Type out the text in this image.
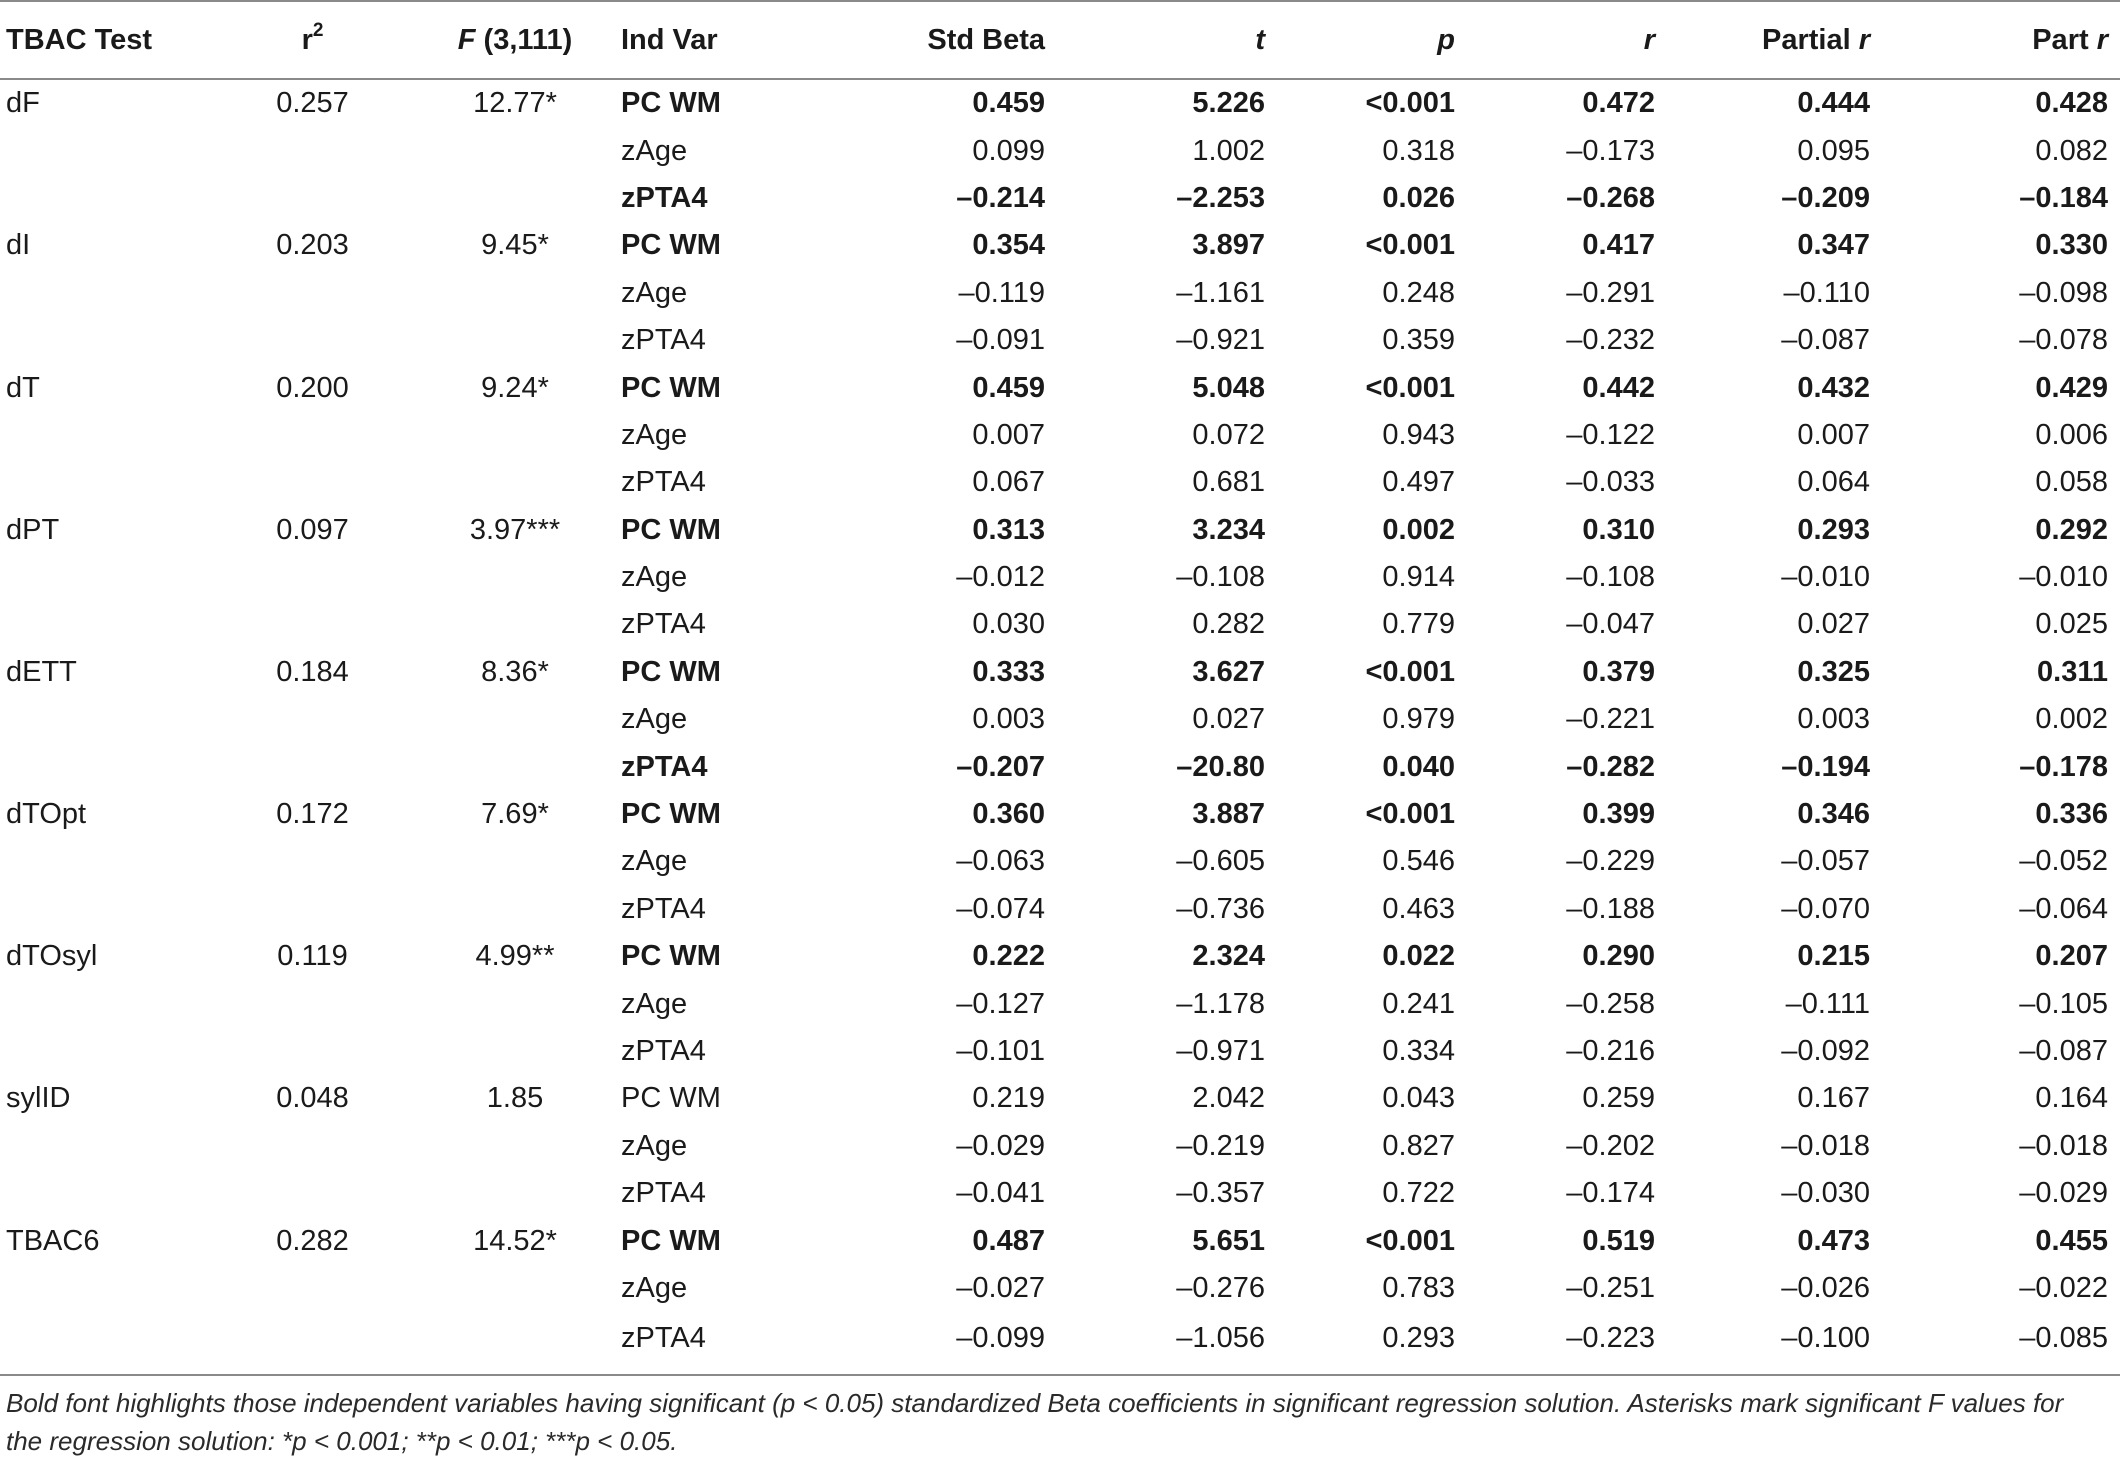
TBAC Test	$r^2$	F (3,111)	Ind Var	Std Beta	t	p	r	Partial r	Part r
dF	0.257	12.77*	PC WM	0.459	5.226	<0.001	0.472	0.444	0.428
			zAge	0.099	1.002	0.318	–0.173	0.095	0.082
			zPTA4	–0.214	–2.253	0.026	–0.268	–0.209	–0.184
dI	0.203	9.45*	PC WM	0.354	3.897	<0.001	0.417	0.347	0.330
			zAge	–0.119	–1.161	0.248	–0.291	–0.110	–0.098
			zPTA4	–0.091	–0.921	0.359	–0.232	–0.087	–0.078
dT	0.200	9.24*	PC WM	0.459	5.048	<0.001	0.442	0.432	0.429
			zAge	0.007	0.072	0.943	–0.122	0.007	0.006
			zPTA4	0.067	0.681	0.497	–0.033	0.064	0.058
dPT	0.097	3.97***	PC WM	0.313	3.234	0.002	0.310	0.293	0.292
			zAge	–0.012	–0.108	0.914	–0.108	–0.010	–0.010
			zPTA4	0.030	0.282	0.779	–0.047	0.027	0.025
dETT	0.184	8.36*	PC WM	0.333	3.627	<0.001	0.379	0.325	0.311
			zAge	0.003	0.027	0.979	–0.221	0.003	0.002
			zPTA4	–0.207	–20.80	0.040	–0.282	–0.194	–0.178
dTOpt	0.172	7.69*	PC WM	0.360	3.887	<0.001	0.399	0.346	0.336
			zAge	–0.063	–0.605	0.546	–0.229	–0.057	–0.052
			zPTA4	–0.074	–0.736	0.463	–0.188	–0.070	–0.064
dTOsyl	0.119	4.99**	PC WM	0.222	2.324	0.022	0.290	0.215	0.207
			zAge	–0.127	–1.178	0.241	–0.258	–0.111	–0.105
			zPTA4	–0.101	–0.971	0.334	–0.216	–0.092	–0.087
sylID	0.048	1.85	PC WM	0.219	2.042	0.043	0.259	0.167	0.164
			zAge	–0.029	–0.219	0.827	–0.202	–0.018	–0.018
			zPTA4	–0.041	–0.357	0.722	–0.174	–0.030	–0.029
TBAC6	0.282	14.52*	PC WM	0.487	5.651	<0.001	0.519	0.473	0.455
			zAge	–0.027	–0.276	0.783	–0.251	–0.026	–0.022
			zPTA4	–0.099	–1.056	0.293	–0.223	–0.100	–0.085
Bold font highlights those independent variables having significant (p < 0.05) standardized Beta coefficients in significant regression solution. Asterisks mark significant F values for the regression solution: *p < 0.001; **p < 0.01; ***p < 0.05.
